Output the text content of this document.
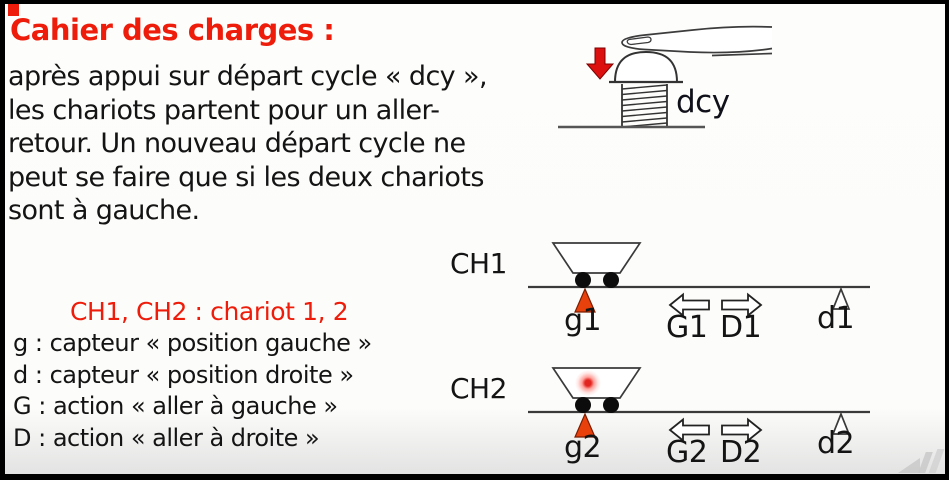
Cahier des charges :
après appui sur départ cycle « dcy »,
les chariots partent pour un aller-
retour. Un nouveau départ cycle ne
peut se faire que si les deux chariots
sont à gauche.
CH1, CH2 : chariot 1, 2
g : capteur « position gauche »
d : capteur « position droite »
G : action « aller à gauche »
D : action « aller à droite »
dcy
CH1
g1 G1 D1 d1
CH2
g2 G2 D2 d2
